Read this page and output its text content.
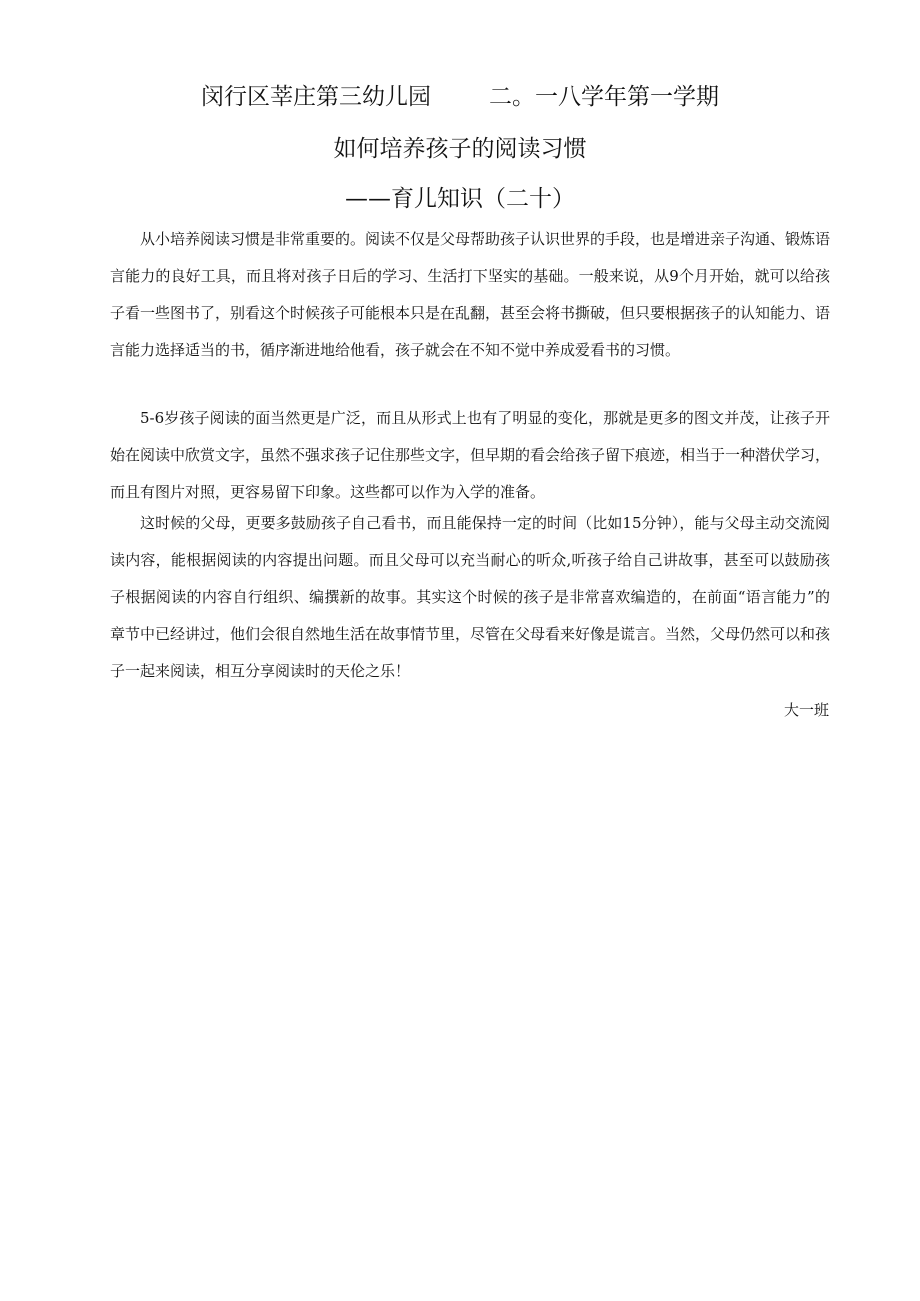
闵行区莘庄第三幼儿园	二。一八学年第一学期
如何培养孩子的阅读习惯
——育儿知识（二十）

从小培养阅读习惯是非常重要的。阅读不仅是父母帮助孩子认识世界的手段，也是增进亲子沟通、锻炼语言能力的良好工具，而且将对孩子日后的学习、生活打下坚实的基础。一般来说，从9个月开始，就可以给孩子看一些图书了，别看这个时候孩子可能根本只是在乱翻，甚至会将书撕破，但只要根据孩子的认知能力、语言能力选择适当的书，循序渐进地给他看，孩子就会在不知不觉中养成爱看书的习惯。

5-6岁孩子阅读的面当然更是广泛，而且从形式上也有了明显的变化，那就是更多的图文并茂，让孩子开始在阅读中欣赏文字，虽然不强求孩子记住那些文字，但早期的看会给孩子留下痕迹，相当于一种潜伏学习，而且有图片对照，更容易留下印象。这些都可以作为入学的准备。

这时候的父母，更要多鼓励孩子自己看书，而且能保持一定的时间（比如15分钟），能与父母主动交流阅读内容，能根据阅读的内容提出问题。而且父母可以充当耐心的听众,听孩子给自己讲故事，甚至可以鼓励孩子根据阅读的内容自行组织、编撰新的故事。其实这个时候的孩子是非常喜欢编造的，在前面“语言能力”的章节中已经讲过，他们会很自然地生活在故事情节里，尽管在父母看来好像是谎言。当然，父母仍然可以和孩子一起来阅读，相互分享阅读时的天伦之乐！

大一班
